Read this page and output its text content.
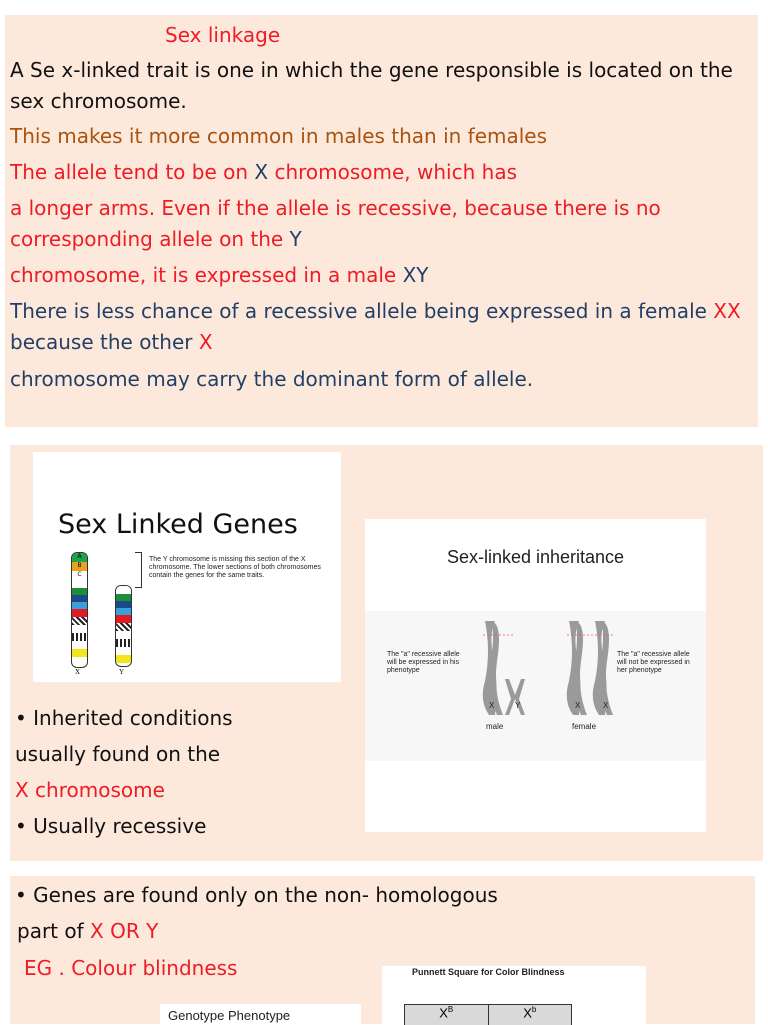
Sex linkage
A Se x-linked trait is one in which the gene responsible is located on the
sex chromosome.
This makes it more common in males than in females
The allele tend to be on X chromosome, which has
a longer arms. Even if the allele is recessive, because there is no
corresponding allele on the Y
chromosome, it is expressed in a male XY
There is less chance of a recessive allele being expressed in a female XX
because the other X
chromosome may carry the dominant form of allele.
Sex Linked Genes
A
B
C
X	Y
The Y chromosome is missing this section of the X chromosome. The lower sections of both chromosomes contain the genes for the same traits.
Sex-linked inheritance
The "a" recessive allele will be expressed in his phenotype
The "a" recessive allele will not be expressed in her phenotype
X	Y	X	X
male	female
• Inherited conditions
usually found on the
X chromosome
• Usually recessive
• Genes are found only on the non- homologous
part of X OR Y
EG . Colour blindness
Genotype Phenotype
Punnett Square for Color Blindness
$X^B$	$X^b$
